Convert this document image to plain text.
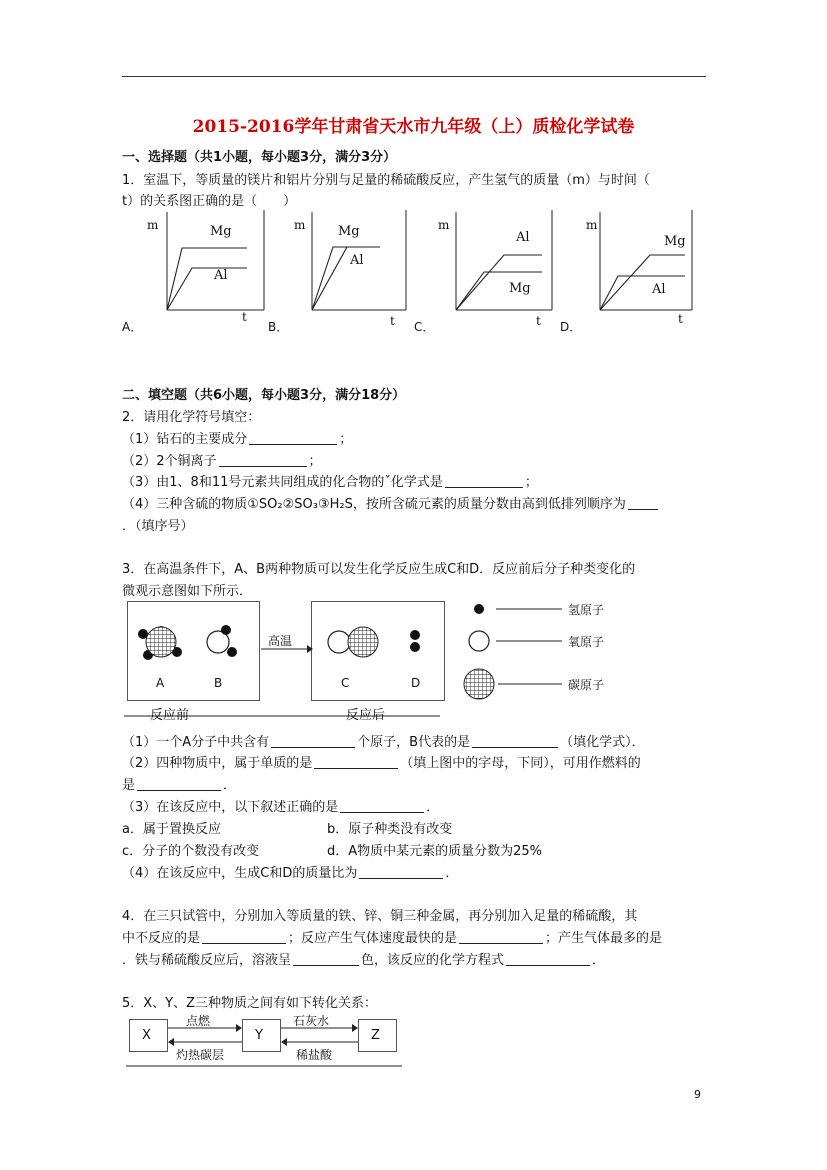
2015-2016学年甘肃省天水市九年级（上）质检化学试卷
一、选择题（共1小题，每小题3分，满分3分）
1．室温下，等质量的镁片和铝片分别与足量的稀硫酸反应，产生氢气的质量（m）与时间（
t）的关系图正确的是（　　）
A．
m
t
Mg
Al
B．
m
t
Mg
Al
C．
m
t
Al
Mg
D．
m
t
Mg
Al
二、填空题（共6小题，每小题3分，满分18分）
2．请用化学符号填空：
（1）钻石的主要成分	；
（2）2个铜离子	；
（3）由1、8和11号元素共同组成的化合物的ˇ化学式是	；
（4）三种含硫的物质①SO₂②SO₃③H₂S，按所含硫元素的质量分数由高到低排列顺序为
．（填序号）
3．在高温条件下，A、B两种物质可以发生化学反应生成C和D．反应前后分子种类变化的
微观示意图如下所示．
高温
A	B	C	D
反应前	反应后
氢原子
氧原子
碳原子
（1）一个A分子中共含有	个原子，B代表的是	（填化学式）．
（2）四种物质中，属于单质的是	（填上图中的字母，下同），可用作燃料的
是	．
（3）在该反应中，以下叙述正确的是	．
a．属于置换反应	b．原子种类没有改变
c．分子的个数没有改变	d．A物质中某元素的质量分数为25%
（4）在该反应中，生成C和D的质量比为	．
4．在三只试管中，分别加入等质量的铁、锌、铜三种金属，再分别加入足量的稀硫酸，其
中不反应的是	；反应产生气体速度最快的是	；产生气体最多的是
．铁与稀硫酸反应后，溶液呈	色，该反应的化学方程式	．
5．X、Y、Z三种物质之间有如下转化关系：
X	Y	Z
点燃
灼热碳层
石灰水
稀盐酸
9
